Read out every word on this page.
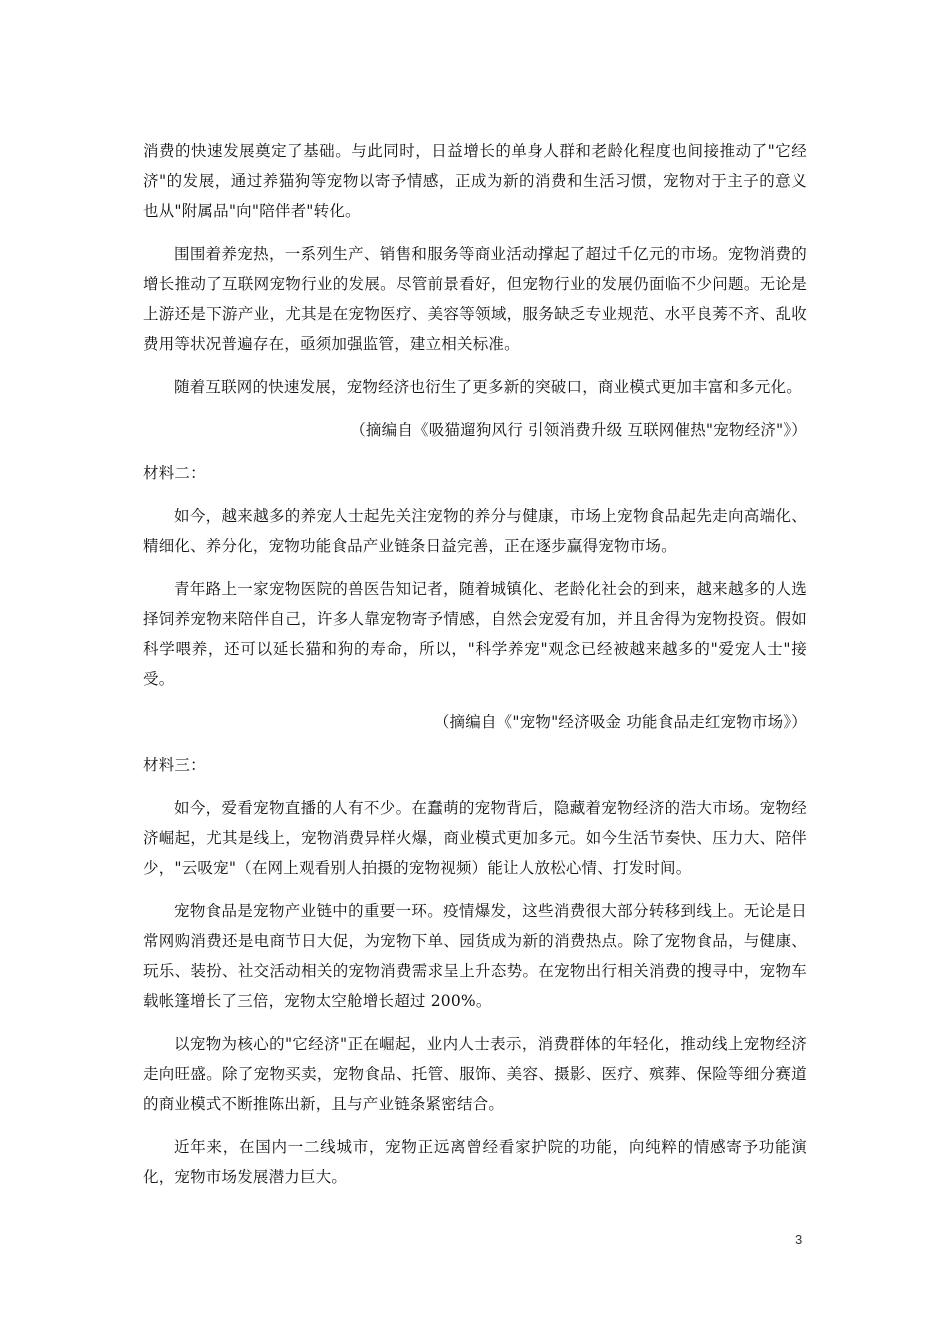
消费的快速发展奠定了基础。与此同时，日益增长的单身人群和老龄化程度也间接推动了"它经济"的发展，通过养猫狗等宠物以寄予情感，正成为新的消费和生活习惯，宠物对于主子的意义也从"附属品"向"陪伴者"转化。

围围着养宠热，一系列生产、销售和服务等商业活动撑起了超过千亿元的市场。宠物消费的增长推动了互联网宠物行业的发展。尽管前景看好，但宠物行业的发展仍面临不少问题。无论是上游还是下游产业，尤其是在宠物医疗、美容等领域，服务缺乏专业规范、水平良莠不齐、乱收费用等状况普遍存在，亟须加强监管，建立相关标准。

随着互联网的快速发展，宠物经济也衍生了更多新的突破口，商业模式更加丰富和多元化。

（摘编自《吸猫遛狗风行 引领消费升级 互联网催热"宠物经济"》）

材料二：

如今，越来越多的养宠人士起先关注宠物的养分与健康，市场上宠物食品起先走向高端化、精细化、养分化，宠物功能食品产业链条日益完善，正在逐步赢得宠物市场。

青年路上一家宠物医院的兽医告知记者，随着城镇化、老龄化社会的到来，越来越多的人选择饲养宠物来陪伴自己，许多人靠宠物寄予情感，自然会宠爱有加，并且舍得为宠物投资。假如科学喂养，还可以延长猫和狗的寿命，所以，"科学养宠"观念已经被越来越多的"爱宠人士"接受。

（摘编自《"宠物"经济吸金 功能食品走红宠物市场》）

材料三：

如今，爱看宠物直播的人有不少。在蠢萌的宠物背后，隐藏着宠物经济的浩大市场。宠物经济崛起，尤其是线上，宠物消费异样火爆，商业模式更加多元。如今生活节奏快、压力大、陪伴少，"云吸宠"（在网上观看别人拍摄的宠物视频）能让人放松心情、打发时间。

宠物食品是宠物产业链中的重要一环。疫情爆发，这些消费很大部分转移到线上。无论是日常网购消费还是电商节日大促，为宠物下单、园货成为新的消费热点。除了宠物食品，与健康、玩乐、装扮、社交活动相关的宠物消费需求呈上升态势。在宠物出行相关消费的搜寻中，宠物车载帐篷增长了三倍，宠物太空舱增长超过 200%。

以宠物为核心的"它经济"正在崛起，业内人士表示，消费群体的年轻化，推动线上宠物经济走向旺盛。除了宠物买卖，宠物食品、托管、服饰、美容、摄影、医疗、殡葬、保险等细分赛道的商业模式不断推陈出新，且与产业链条紧密结合。

近年来，在国内一二线城市，宠物正远离曾经看家护院的功能，向纯粹的情感寄予功能演化，宠物市场发展潜力巨大。

3
